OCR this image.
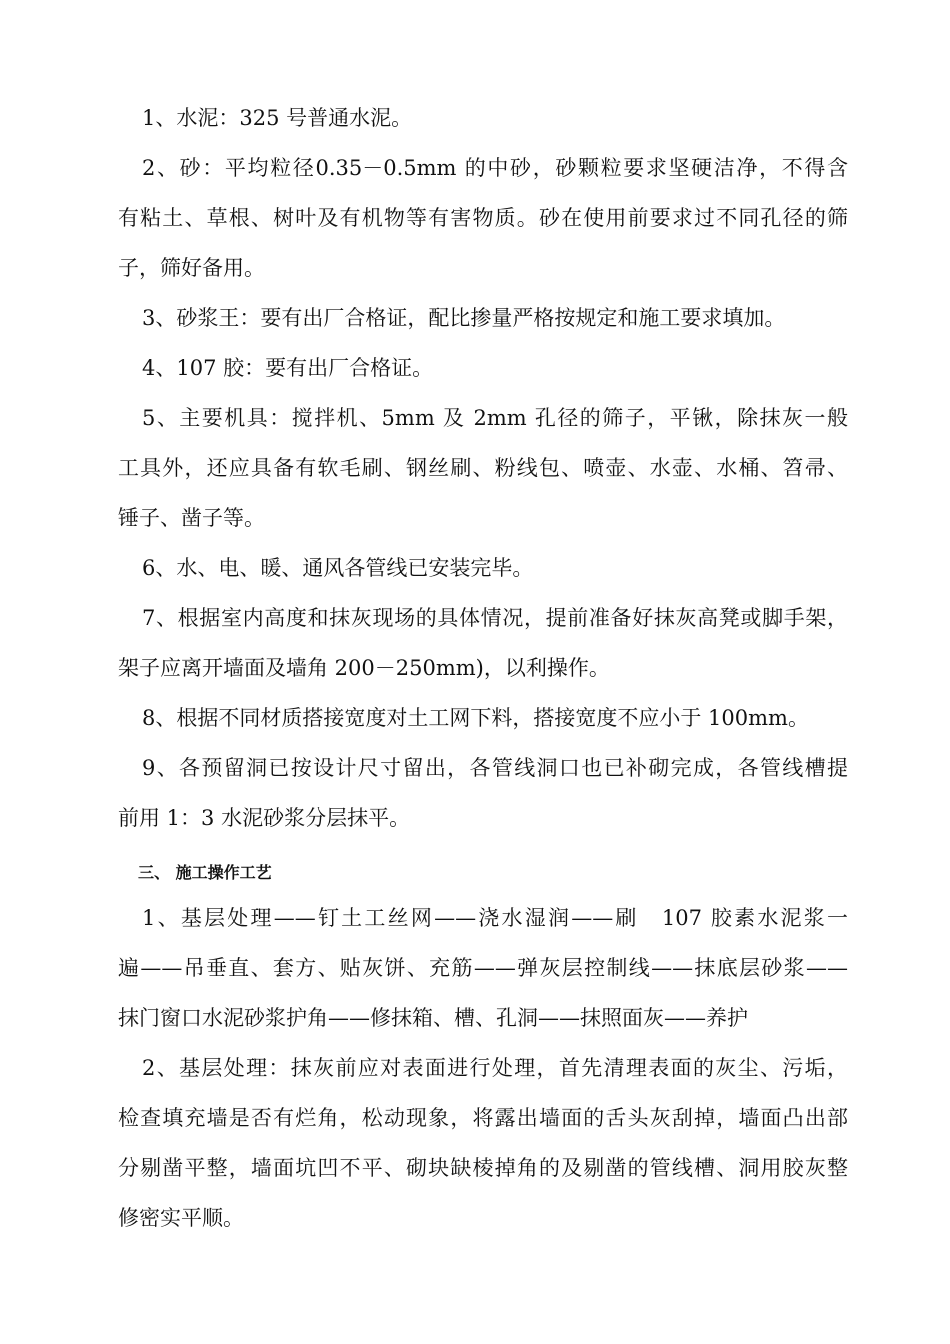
1、水泥：325 号普通水泥。
2、砂：平均粒径0.35－0.5mm 的中砂，砂颗粒要求坚硬洁净，不得含
有粘土、草根、树叶及有机物等有害物质。砂在使用前要求过不同孔径的筛
子，筛好备用。
3、砂浆王：要有出厂合格证，配比掺量严格按规定和施工要求填加。
4、107 胶：要有出厂合格证。
5、主要机具：搅拌机、5mm 及 2mm 孔径的筛子，平锹，除抹灰一般
工具外，还应具备有软毛刷、钢丝刷、粉线包、喷壶、水壶、水桶、笤帚、
锤子、凿子等。
6、水、电、暖、通风各管线已安装完毕。
7、根据室内高度和抹灰现场的具体情况，提前准备好抹灰高凳或脚手架，
架子应离开墙面及墙角 200－250mm)，以利操作。
8、根据不同材质搭接宽度对土工网下料，搭接宽度不应小于 100mm。
9、各预留洞已按设计尺寸留出，各管线洞口也已补砌完成，各管线槽提
前用 1：3 水泥砂浆分层抹平。
三、 施工操作工艺
1、基层处理——钉土工丝网——浇水湿润——刷　107 胶素水泥浆一
遍——吊垂直、套方、贴灰饼、充筋——弹灰层控制线——抹底层砂浆——
抹门窗口水泥砂浆护角——修抹箱、槽、孔洞——抹照面灰——养护
2、基层处理：抹灰前应对表面进行处理，首先清理表面的灰尘、污垢，
检查填充墙是否有烂角，松动现象，将露出墙面的舌头灰刮掉，墙面凸出部
分剔凿平整，墙面坑凹不平、砌块缺棱掉角的及剔凿的管线槽、洞用胶灰整
修密实平顺。
